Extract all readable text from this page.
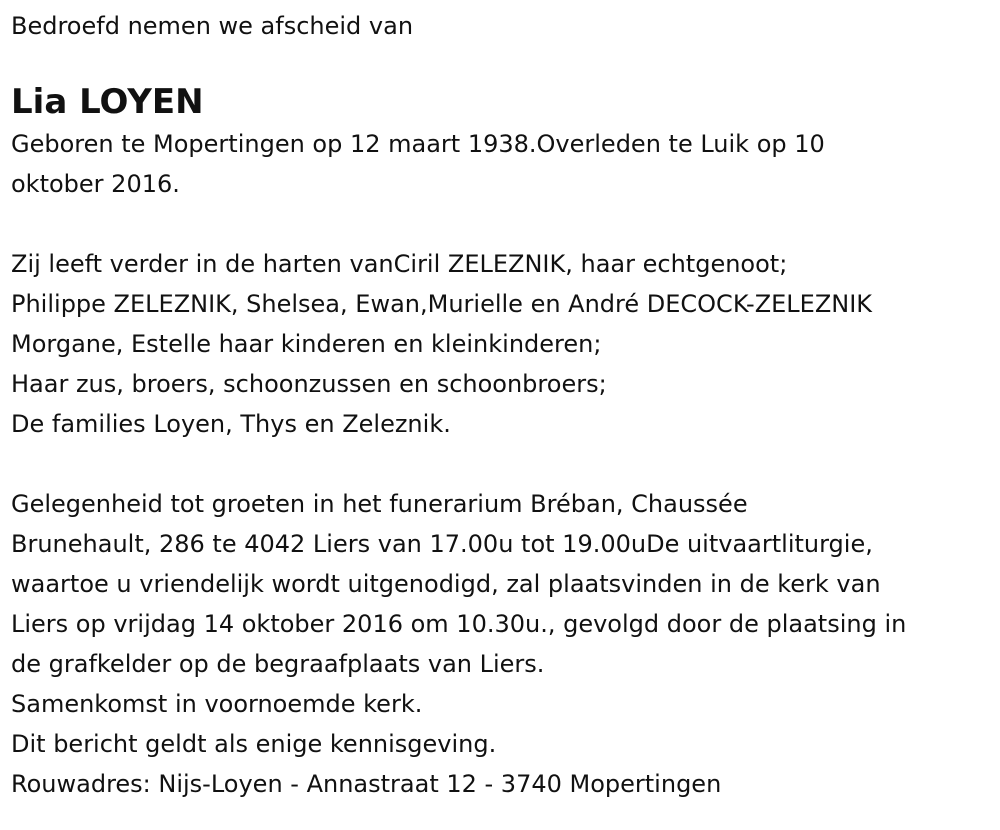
Bedroefd nemen we afscheid van

Lia LOYEN

Geboren te Mopertingen op 12 maart 1938.Overleden te Luik op 10

oktober 2016.

Zij leeft verder in de harten vanCiril ZELEZNIK, haar echtgenoot;

Philippe ZELEZNIK, Shelsea, Ewan,Murielle en André DECOCK-ZELEZNIK

Morgane, Estelle haar kinderen en kleinkinderen;

Haar zus, broers, schoonzussen en schoonbroers;

De families Loyen, Thys en Zeleznik.

Gelegenheid tot groeten in het funerarium Bréban, Chaussée

Brunehault, 286 te 4042 Liers van 17.00u tot 19.00uDe uitvaartliturgie,

waartoe u vriendelijk wordt uitgenodigd, zal plaatsvinden in de kerk van

Liers op vrijdag 14 oktober 2016 om 10.30u., gevolgd door de plaatsing in

de grafkelder op de begraafplaats van Liers.

Samenkomst in voornoemde kerk.

Dit bericht geldt als enige kennisgeving.

Rouwadres: Nijs-Loyen - Annastraat 12 - 3740 Mopertingen
